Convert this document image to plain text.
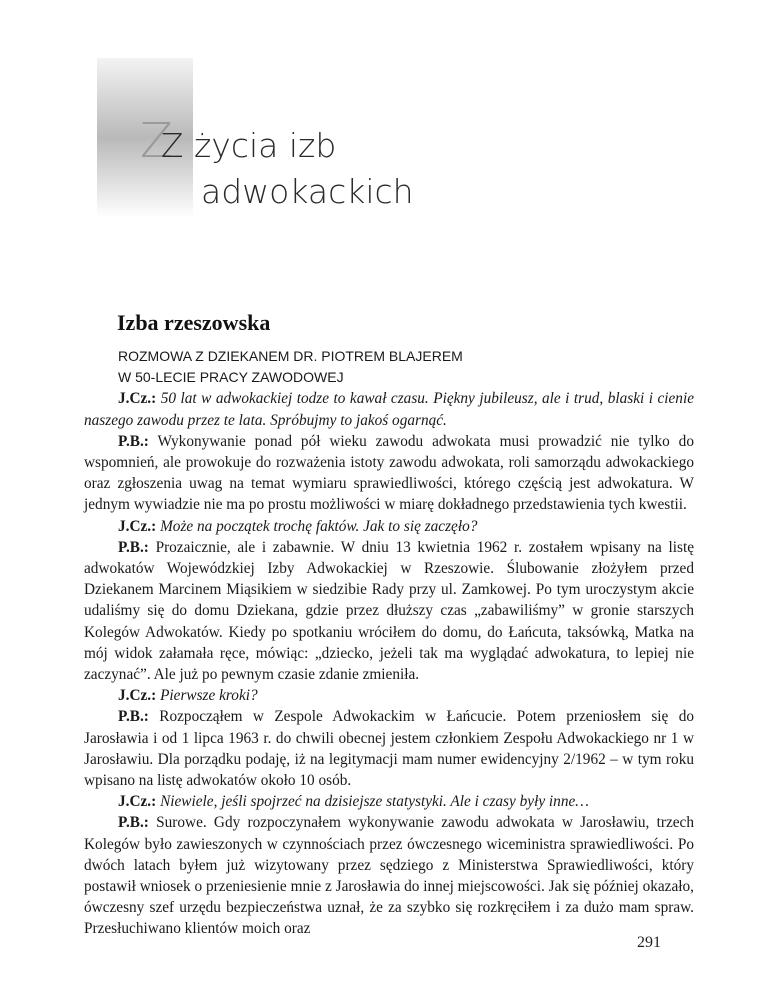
ZZ życia izb
adwokackich
Izba rzeszowska
ROZMOWA Z DZIEKANEM DR. PIOTREM BLAJEREM
W 50-LECIE PRACY ZAWODOWEJ

J.Cz.: 50 lat w adwokackiej todze to kawał czasu. Piękny jubileusz, ale i trud, blaski i cienie naszego zawodu przez te lata. Spróbujmy to jakoś ogarnąć.

P.B.: Wykonywanie ponad pół wieku zawodu adwokata musi prowadzić nie tylko do wspomnień, ale prowokuje do rozważenia istoty zawodu adwokata, roli samorządu adwokackiego oraz zgłoszenia uwag na temat wymiaru sprawiedliwości, którego częścią jest adwokatura. W jednym wywiadzie nie ma po prostu możliwości w miarę dokładnego przedstawienia tych kwestii.

J.Cz.: Może na początek trochę faktów. Jak to się zaczęło?

P.B.: Prozaicznie, ale i zabawnie. W dniu 13 kwietnia 1962 r. zostałem wpisany na listę adwokatów Wojewódzkiej Izby Adwokackiej w Rzeszowie. Ślubowanie złożyłem przed Dziekanem Marcinem Miąsikiem w siedzibie Rady przy ul. Zamkowej. Po tym uroczystym akcie udaliśmy się do domu Dziekana, gdzie przez dłuższy czas „zabawiliśmy” w gronie starszych Kolegów Adwokatów. Kiedy po spotkaniu wróciłem do domu, do Łańcuta, taksówką, Matka na mój widok załamała ręce, mówiąc: „dziecko, jeżeli tak ma wyglądać adwokatura, to lepiej nie zaczynać”. Ale już po pewnym czasie zdanie zmieniła.

J.Cz.: Pierwsze kroki?

P.B.: Rozpocząłem w Zespole Adwokackim w Łańcucie. Potem przeniosłem się do Jarosławia i od 1 lipca 1963 r. do chwili obecnej jestem członkiem Zespołu Adwokackiego nr 1 w Jarosławiu. Dla porządku podaję, iż na legitymacji mam numer ewidencyjny 2/1962 – w tym roku wpisano na listę adwokatów około 10 osób.

J.Cz.: Niewiele, jeśli spojrzeć na dzisiejsze statystyki. Ale i czasy były inne…

P.B.: Surowe. Gdy rozpoczynałem wykonywanie zawodu adwokata w Jarosławiu, trzech Kolegów było zawieszonych w czynnościach przez ówczesnego wiceministra sprawiedliwości. Po dwóch latach byłem już wizytowany przez sędziego z Ministerstwa Sprawiedliwości, który postawił wniosek o przeniesienie mnie z Jarosławia do innej miejscowości. Jak się później okazało, ówczesny szef urzędu bezpieczeństwa uznał, że za szybko się rozkręciłem i za dużo mam spraw. Przesłuchiwano klientów moich oraz

291
